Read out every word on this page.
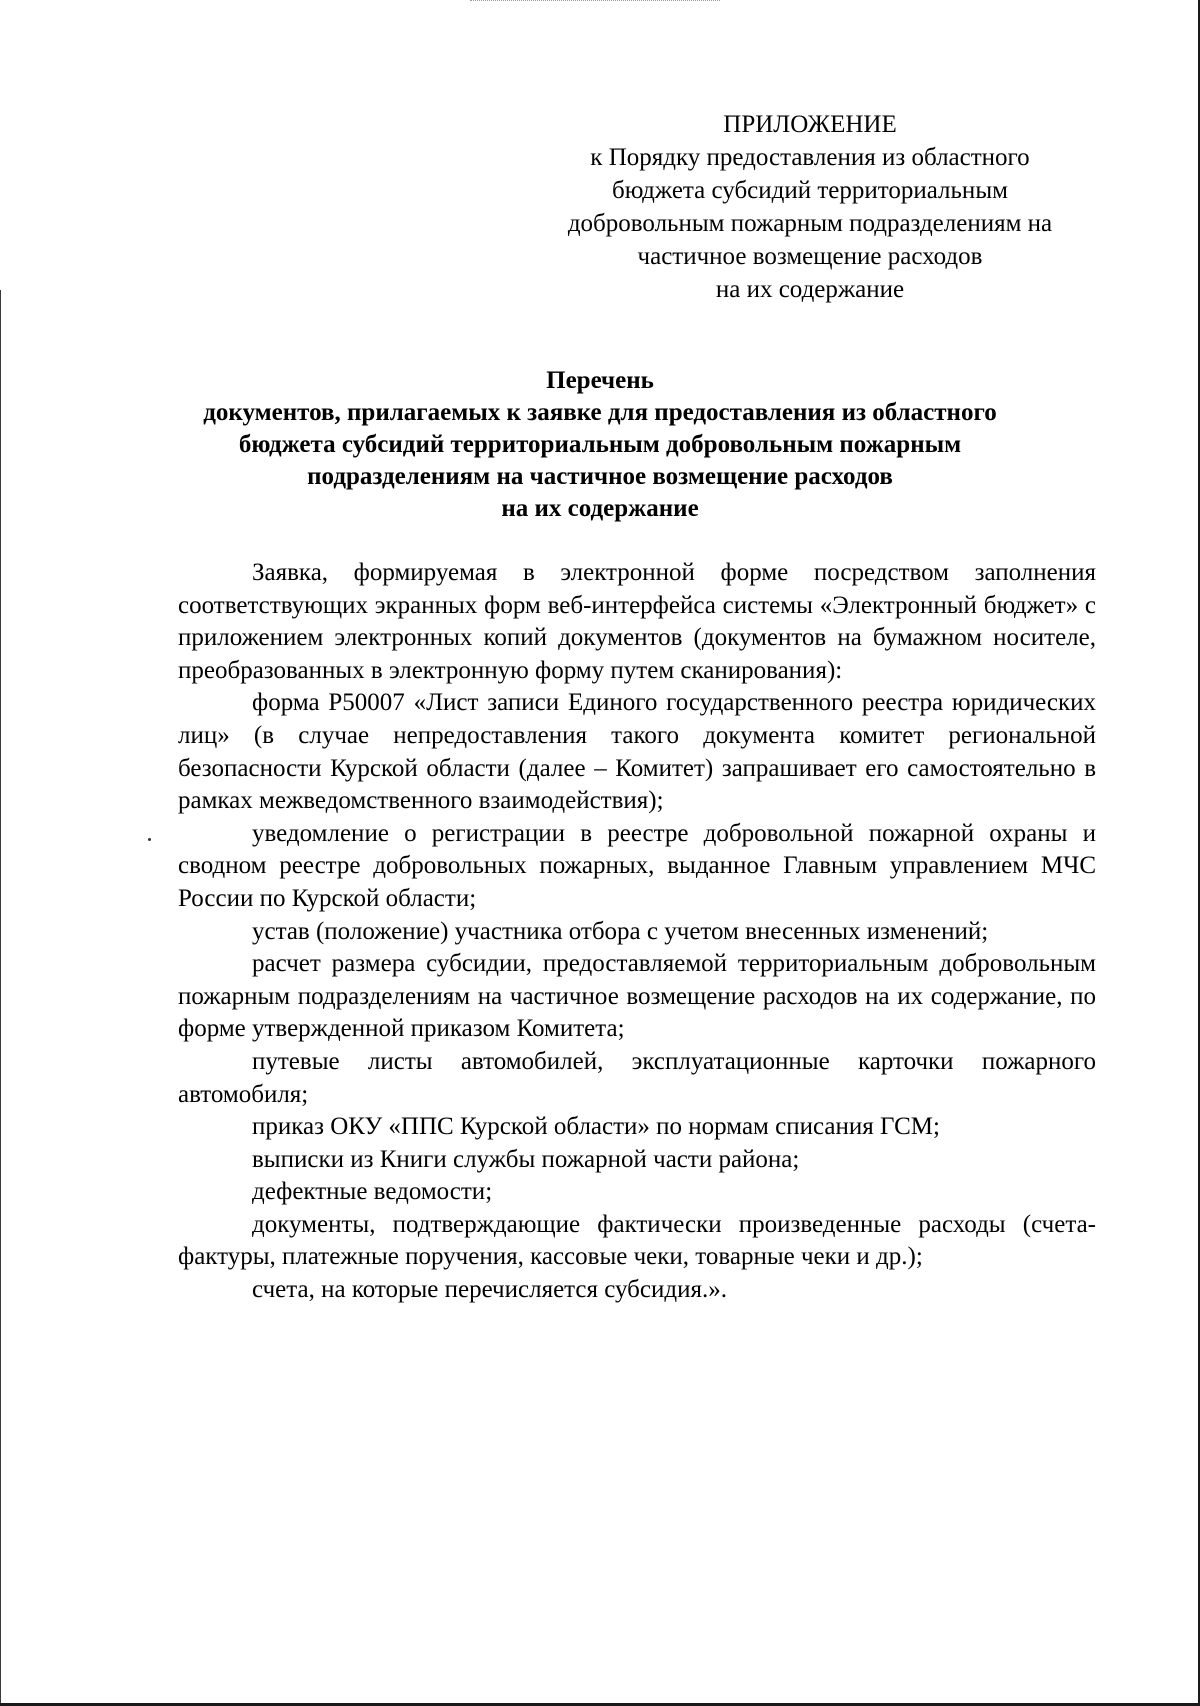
ПРИЛОЖЕНИЕ
к Порядку предоставления из областного
бюджета субсидий территориальным
добровольным пожарным подразделениям на
частичное возмещение расходов
на их содержание
Перечень
документов, прилагаемых к заявке для предоставления из областного
бюджета субсидий территориальным добровольным пожарным
подразделениям на частичное возмещение расходов
на их содержание

Заявка, формируемая в электронной форме посредством заполнения соответствующих экранных форм веб-интерфейса системы «Электронный бюджет» с приложением электронных копий документов (документов на бумажном носителе, преобразованных в электронную форму путем сканирования):

форма Р50007 «Лист записи Единого государственного реестра юридических лиц» (в случае непредоставления такого документа комитет региональной безопасности Курской области (далее – Комитет) запрашивает его самостоятельно в рамках межведомственного взаимодействия);

уведомление о регистрации в реестре добровольной пожарной охраны и сводном реестре добровольных пожарных, выданное Главным управлением МЧС России по Курской области;

устав (положение) участника отбора с учетом внесенных изменений;

расчет размера субсидии, предоставляемой территориальным добровольным пожарным подразделениям на частичное возмещение расходов на их содержание, по форме утвержденной приказом Комитета;

путевые листы автомобилей, эксплуатационные карточки пожарного автомобиля;

приказ ОКУ «ППС Курской области» по нормам списания ГСМ;

выписки из Книги службы пожарной части района;

дефектные ведомости;

документы, подтверждающие фактически произведенные расходы (счета-фактуры, платежные поручения, кассовые чеки, товарные чеки и др.);

счета, на которые перечисляется субсидия.».
